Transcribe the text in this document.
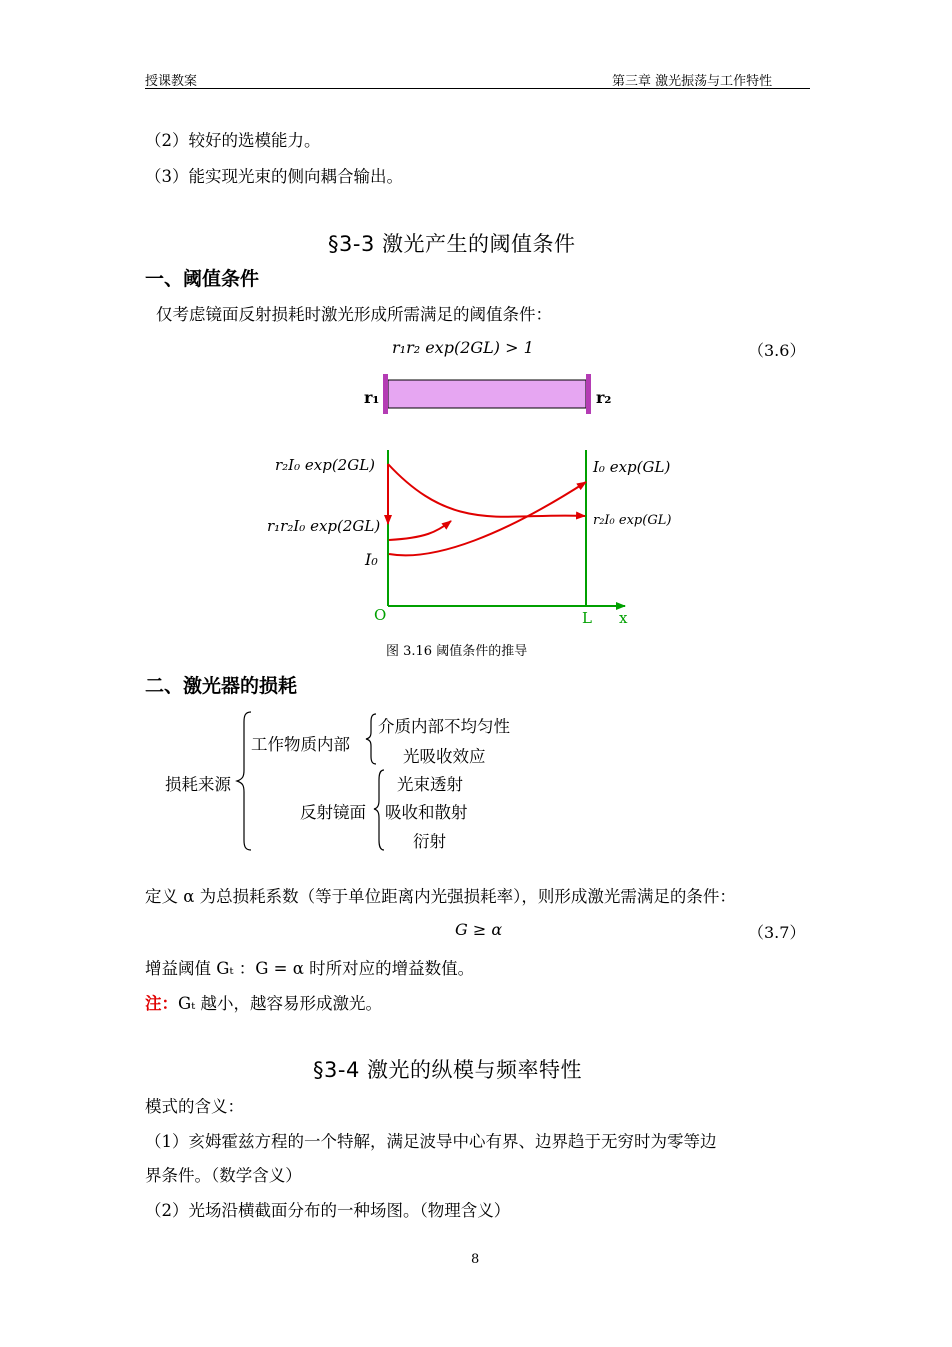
授课教案	第三章 激光振荡与工作特性
（2）较好的选模能力。
（3）能实现光束的侧向耦合输出。
§3-3 激光产生的阈值条件
一、阈值条件
仅考虑镜面反射损耗时激光形成所需满足的阈值条件：
r₁r₂ exp(2GL) > 1	（3.6）
r₁	r₂
O	L x
r₂I₀ exp(2GL)
r₁r₂I₀ exp(2GL)
I₀
I₀ exp(GL)
r₂I₀ exp(GL)
图 3.16 阈值条件的推导
二、激光器的损耗
损耗来源
工作物质内部
介质内部不均匀性
光吸收效应
反射镜面
光束透射
吸收和散射
衍射
定义 α 为总损耗系数（等于单位距离内光强损耗率），则形成激光需满足的条件：
G ≥ α	（3.7）
增益阈值 Gₜ ：G = α 时所对应的增益数值。
注：Gₜ 越小，越容易形成激光。
§3-4 激光的纵模与频率特性
模式的含义：
（1）亥姆霍兹方程的一个特解，满足波导中心有界、边界趋于无穷时为零等边
界条件。（数学含义）
（2）光场沿横截面分布的一种场图。（物理含义）
8
